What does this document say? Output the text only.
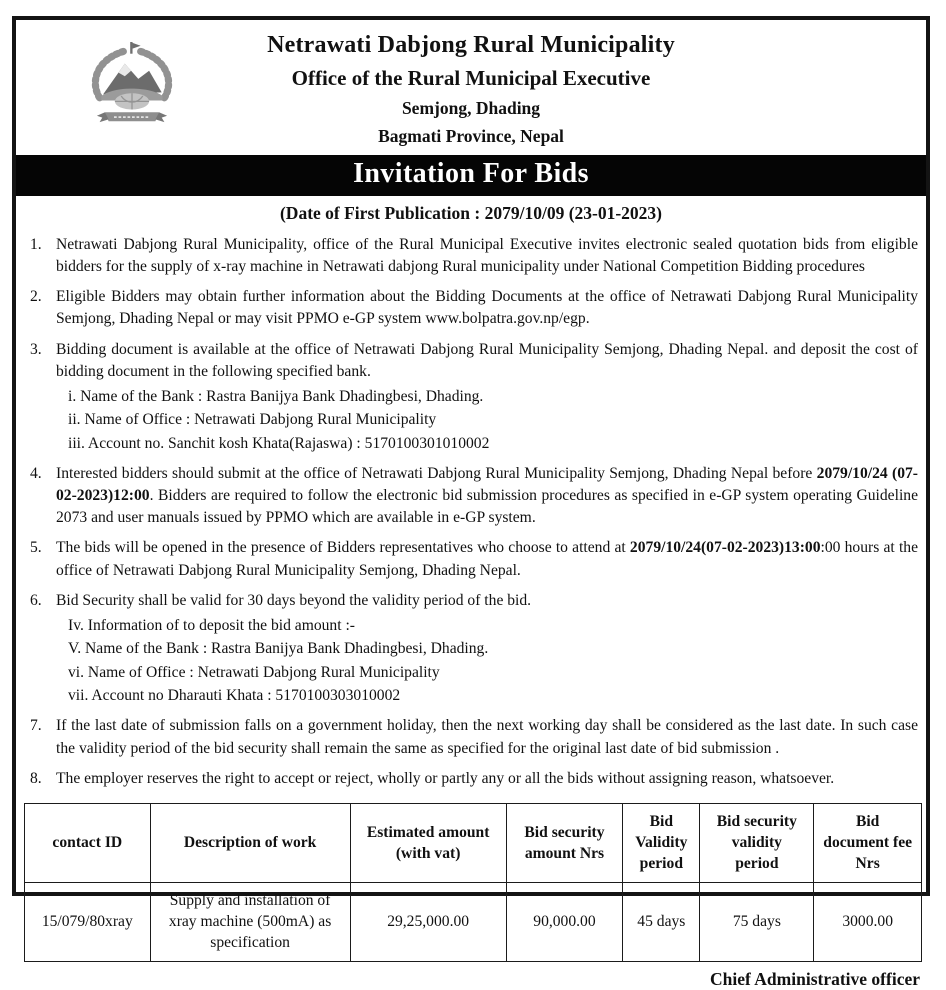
Netrawati Dabjong Rural Municipality
Office of the Rural Municipal Executive
Semjong, Dhading
Bagmati Province, Nepal
Invitation For Bids
(Date of First Publication : 2079/10/09 (23-01-2023)
1. Netrawati Dabjong Rural Municipality, office of the Rural Municipal Executive invites electronic sealed quotation bids from eligible bidders for the supply of x-ray machine in Netrawati dabjong Rural municipality under National Competition Bidding procedures
2. Eligible Bidders may obtain further information about the Bidding Documents at the office of Netrawati Dabjong Rural Municipality Semjong, Dhading Nepal or may visit PPMO e-GP system www.bolpatra.gov.np/egp.
3. Bidding document is available at the office of Netrawati Dabjong Rural Municipality Semjong, Dhading Nepal. and deposit the cost of bidding document in the following specified bank.
i. Name of the Bank : Rastra Banijya Bank Dhadingbesi, Dhading.
ii. Name of Office : Netrawati Dabjong Rural Municipality
iii. Account no. Sanchit kosh Khata(Rajaswa) : 5170100301010002
4. Interested bidders should submit at the office of Netrawati Dabjong Rural Municipality Semjong, Dhading Nepal before 2079/10/24 (07-02-2023)12:00. Bidders are required to follow the electronic bid submission procedures as specified in e-GP system operating Guideline 2073 and user manuals issued by PPMO which are available in e-GP system.
5. The bids will be opened in the presence of Bidders representatives who choose to attend at 2079/10/24(07-02-2023)13:00:00 hours at the office of Netrawati Dabjong Rural Municipality Semjong, Dhading Nepal.
6. Bid Security shall be valid for 30 days beyond the validity period of the bid.
Iv. Information of to deposit the bid amount :-
V. Name of the Bank : Rastra Banijya Bank Dhadingbesi, Dhading.
vi. Name of Office : Netrawati Dabjong Rural Municipality
vii. Account no Dharauti Khata : 5170100303010002
7. If the last date of submission falls on a government holiday, then the next working day shall be considered as the last date. In such case the validity period of the bid security shall remain the same as specified for the original last date of bid submission .
8. The employer reserves the right to accept or reject, wholly or partly any or all the bids without assigning reason, whatsoever.
contact ID	Description of work	Estimated amount (with vat)	Bid security amount Nrs	Bid Validity period	Bid security validity period	Bid document fee Nrs
15/079/80xray	Supply and installation of xray machine (500mA) as specification	29,25,000.00	90,000.00	45 days	75 days	3000.00
Chief Administrative officer
